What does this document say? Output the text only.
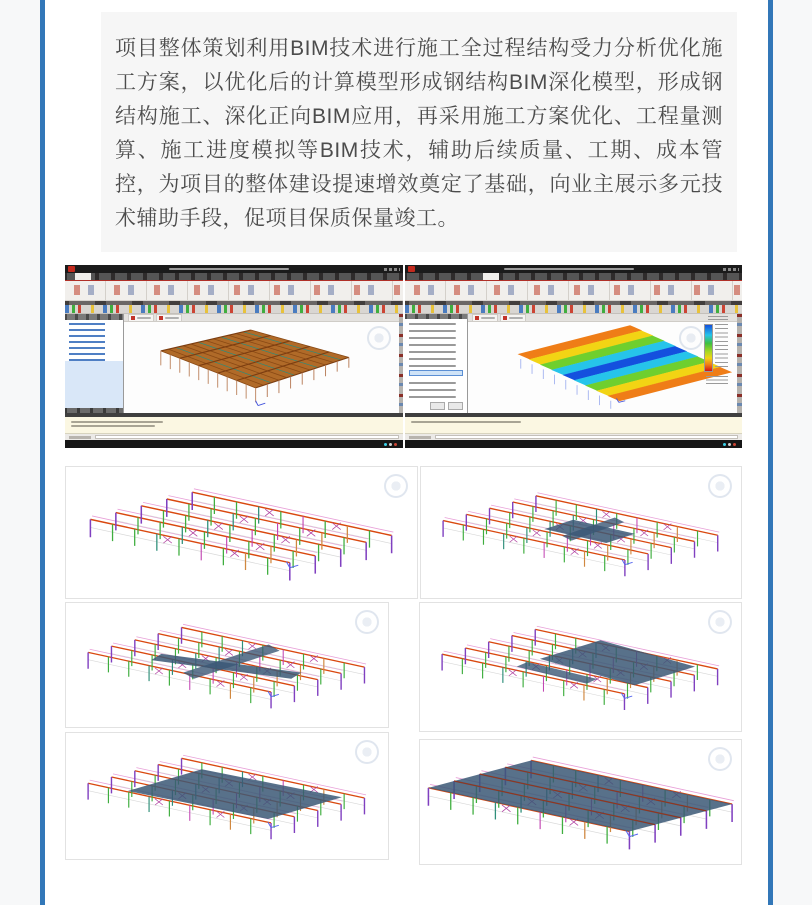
项目整体策划利用BIM技术进行施工全过程结构受力分析优化施工方案，以优化后的计算模型形成钢结构BIM深化模型，形成钢结构施工、深化正向BIM应用，再采用施工方案优化、工程量测算、施工进度模拟等BIM技术，辅助后续质量、工期、成本管控，为项目的整体建设提速增效奠定了基础，向业主展示多元技术辅助手段，促项目保质保量竣工。
